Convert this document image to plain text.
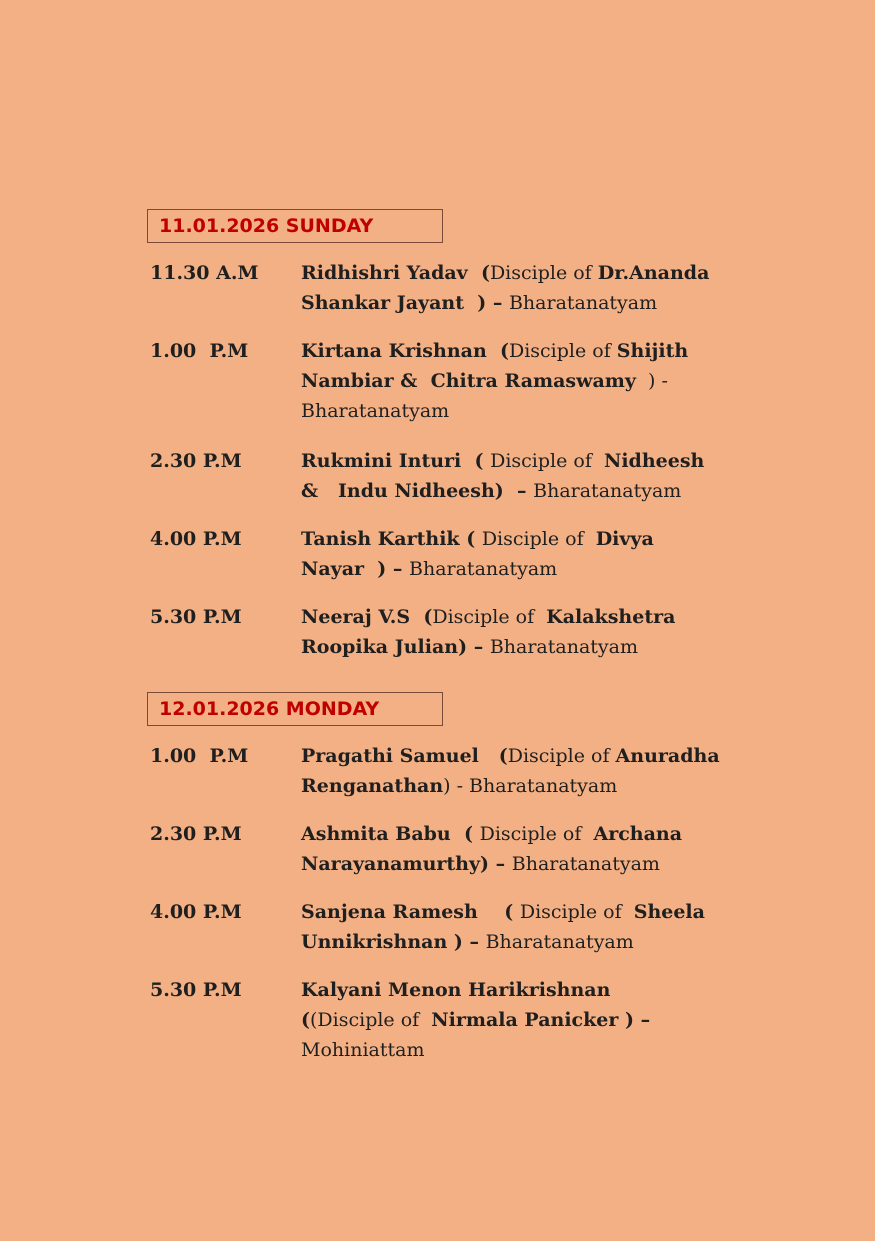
11.01.2026 SUNDAY
11.30 A.M Ridhishri Yadav  (Disciple of Dr.Ananda
Shankar Jayant  ) – Bharatanatyam
1.00  P.M	Kirtana Krishnan  (Disciple of Shijith
Nambiar &  Chitra Ramaswamy  ) -
Bharatanatyam
2.30 P.M	Rukmini Inturi  ( Disciple of  Nidheesh
&   Indu Nidheesh)  – Bharatanatyam
4.00 P.M	Tanish Karthik ( Disciple of  Divya
Nayar  ) – Bharatanatyam
5.30 P.M	Neeraj V.S  (Disciple of  Kalakshetra
Roopika Julian) – Bharatanatyam
12.01.2026 MONDAY
1.00  P.M	Pragathi Samuel   (Disciple of Anuradha
Renganathan) - Bharatanatyam
2.30 P.M	Ashmita Babu  ( Disciple of  Archana
Narayanamurthy) – Bharatanatyam
4.00 P.M	Sanjena Ramesh    ( Disciple of  Sheela
Unnikrishnan ) – Bharatanatyam
5.30 P.M	Kalyani Menon Harikrishnan
((Disciple of  Nirmala Panicker ) –
Mohiniattam
